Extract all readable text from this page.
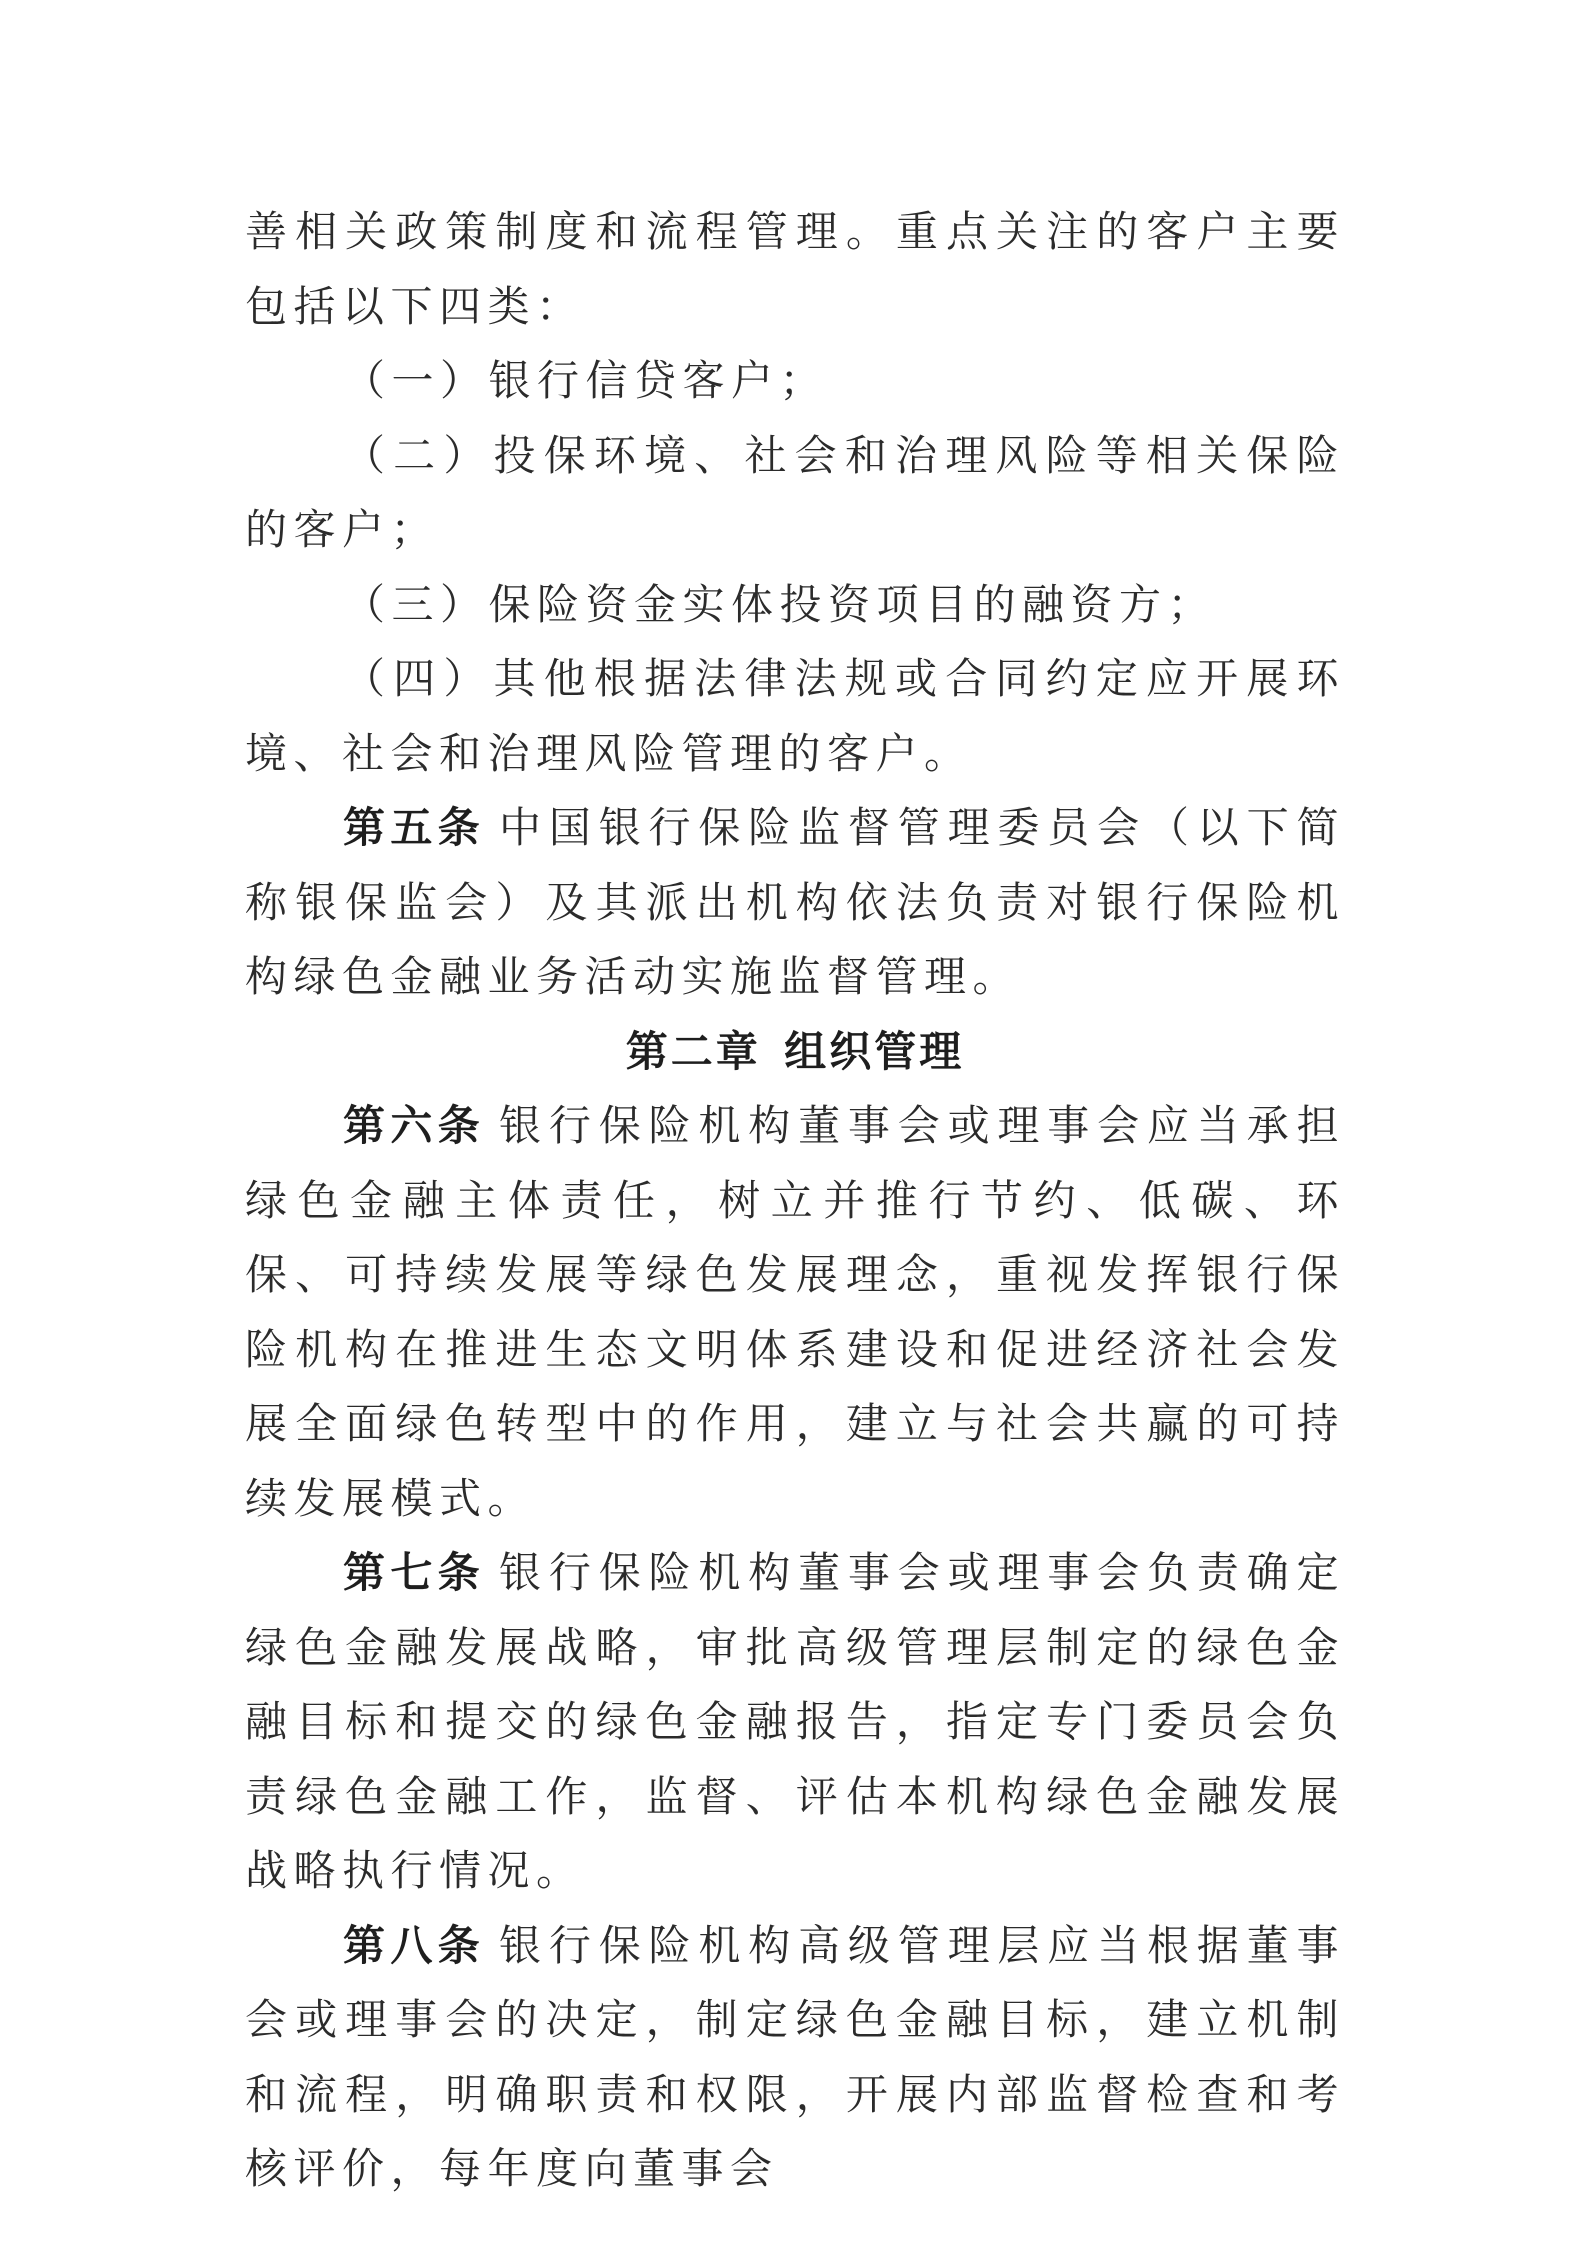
善相关政策制度和流程管理。重点关注的客户主要包括以下四类：

（一）银行信贷客户；

（二）投保环境、社会和治理风险等相关保险的客户；

（三）保险资金实体投资项目的融资方；

（四）其他根据法律法规或合同约定应开展环境、社会和治理风险管理的客户。

第五条 中国银行保险监督管理委员会（以下简称银保监会）及其派出机构依法负责对银行保险机构绿色金融业务活动实施监督管理。

第二章 组织管理

第六条 银行保险机构董事会或理事会应当承担绿色金融主体责任，树立并推行节约、低碳、环保、可持续发展等绿色发展理念，重视发挥银行保险机构在推进生态文明体系建设和促进经济社会发展全面绿色转型中的作用，建立与社会共赢的可持续发展模式。

第七条 银行保险机构董事会或理事会负责确定绿色金融发展战略，审批高级管理层制定的绿色金融目标和提交的绿色金融报告，指定专门委员会负责绿色金融工作，监督、评估本机构绿色金融发展战略执行情况。

第八条 银行保险机构高级管理层应当根据董事会或理事会的决定，制定绿色金融目标，建立机制和流程，明确职责和权限，开展内部监督检查和考核评价，每年度向董事会
